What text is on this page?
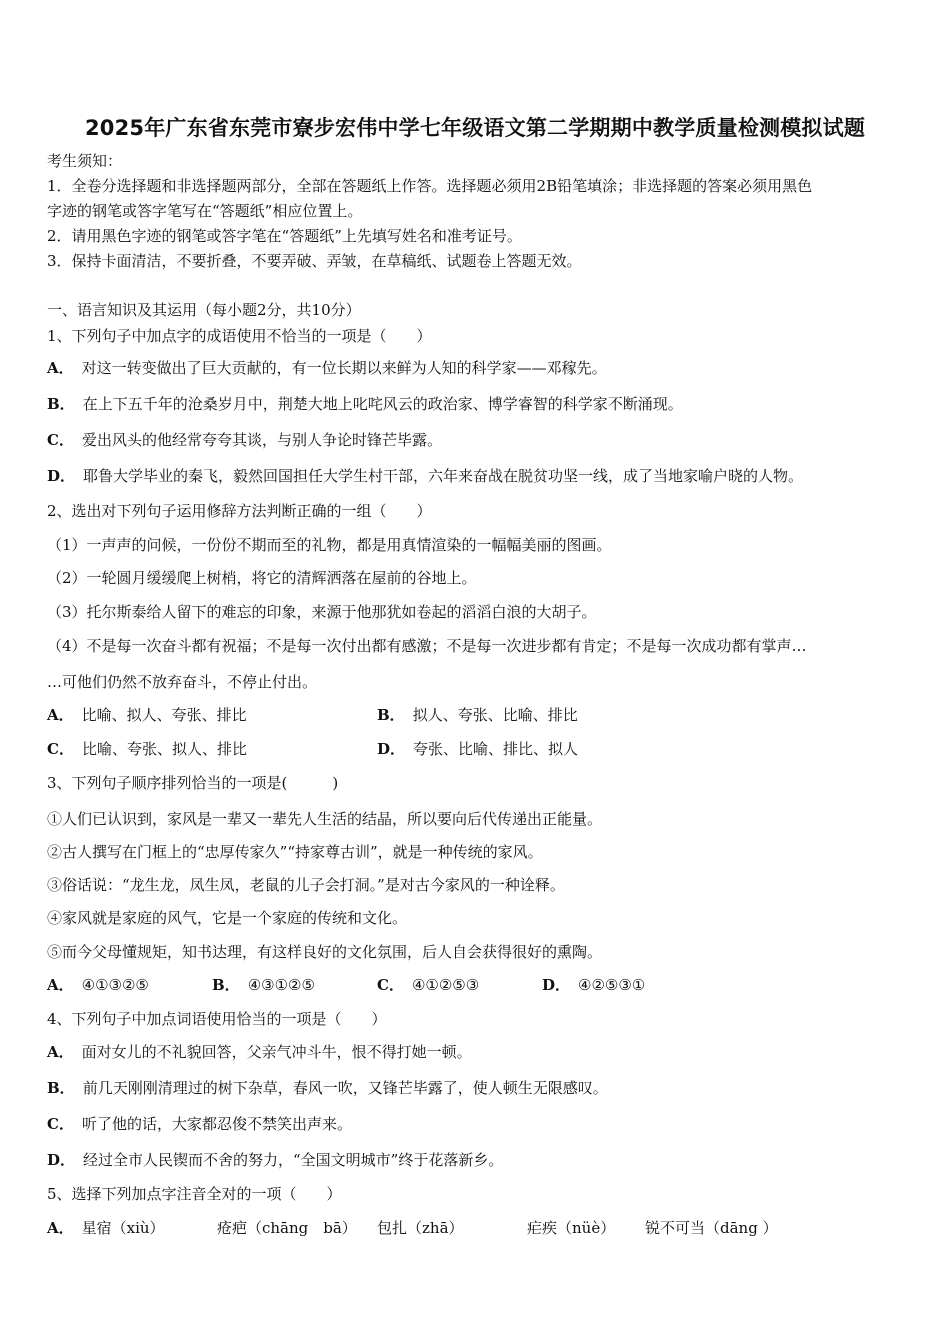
2025年广东省东莞市寮步宏伟中学七年级语文第二学期期中教学质量检测模拟试题
考生须知：
1．全卷分选择题和非选择题两部分，全部在答题纸上作答。选择题必须用2B铅笔填涂；非选择题的答案必须用黑色
字迹的钢笔或答字笔写在“答题纸”相应位置上。
2．请用黑色字迹的钢笔或答字笔在“答题纸”上先填写姓名和准考证号。
3．保持卡面清洁，不要折叠，不要弄破、弄皱，在草稿纸、试题卷上答题无效。
一、语言知识及其运用（每小题2分，共10分）
1、下列句子中加点字的成语使用不恰当的一项是（　　）
A． 对这一转变做出了巨大贡献的，有一位长期以来鲜为人知的科学家——邓稼先。
B． 在上下五千年的沧桑岁月中，荆楚大地上叱咤风云的政治家、博学睿智的科学家不断涌现。
C． 爱出风头的他经常夸夸其谈，与别人争论时锋芒毕露。
D． 耶鲁大学毕业的秦飞，毅然回国担任大学生村干部，六年来奋战在脱贫功坚一线，成了当地家喻户晓的人物。
2、选出对下列句子运用修辞方法判断正确的一组（　　）
（1）一声声的问候，一份份不期而至的礼物，都是用真情渲染的一幅幅美丽的图画。
（2）一轮圆月缓缓爬上树梢，将它的清辉洒落在屋前的谷地上。
（3）托尔斯泰给人留下的难忘的印象，来源于他那犹如卷起的滔滔白浪的大胡子。
（4）不是每一次奋斗都有祝福；不是每一次付出都有感激；不是每一次进步都有肯定；不是每一次成功都有掌声…
…可他们仍然不放弃奋斗，不停止付出。
A． 比喻、拟人、夸张、排比	B． 拟人、夸张、比喻、排比
C． 比喻、夸张、拟人、排比	D． 夸张、比喻、排比、拟人
3、下列句子顺序排列恰当的一项是(　　　)
①人们已认识到，家风是一辈又一辈先人生活的结晶，所以要向后代传递出正能量。
②古人撰写在门框上的“忠厚传家久”“持家尊古训”，就是一种传统的家风。
③俗话说：“龙生龙，凤生凤，老鼠的儿子会打洞。”是对古今家风的一种诠释。
④家风就是家庭的风气，它是一个家庭的传统和文化。
⑤而今父母懂规矩，知书达理，有这样良好的文化氛围，后人自会获得很好的熏陶。
A． ④①③②⑤	B． ④③①②⑤	C． ④①②⑤③	D． ④②⑤③①
4、下列句子中加点词语使用恰当的一项是（　　）
A． 面对女儿的不礼貌回答，父亲气冲斗牛，恨不得打她一顿。
B． 前几天刚刚清理过的树下杂草，春风一吹，又锋芒毕露了，使人顿生无限感叹。
C． 听了他的话，大家都忍俊不禁笑出声来。
D． 经过全市人民锲而不舍的努力，“全国文明城市”终于花落新乡。
5、选择下列加点字注音全对的一项（　　）
A． 星宿（xiù）	疮疤（chāng　bā） 包扎（zhā）	疟疾（nüè） 锐不可当（dāng ）
